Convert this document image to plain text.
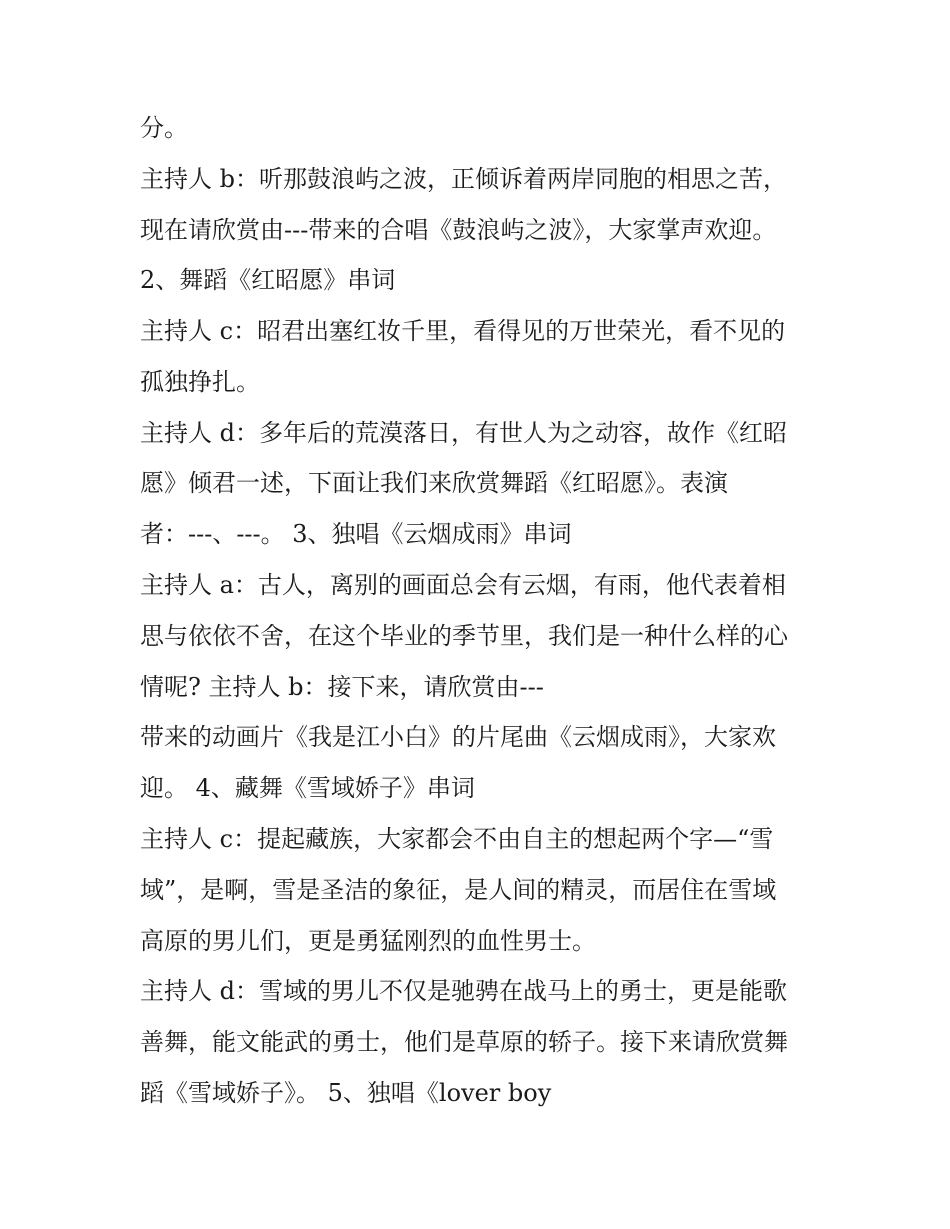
分。

主持人 b：听那鼓浪屿之波，正倾诉着两岸同胞的相思之苦，

现在请欣赏由---带来的合唱《鼓浪屿之波》，大家掌声欢迎。

2、舞蹈《红昭愿》串词

主持人 c：昭君出塞红妆千里，看得见的万世荣光，看不见的

孤独挣扎。

主持人 d：多年后的荒漠落日，有世人为之动容，故作《红昭

愿》倾君一述，下面让我们来欣赏舞蹈《红昭愿》。表演

者：---、---。 3、独唱《云烟成雨》串词

主持人 a：古人，离别的画面总会有云烟，有雨，他代表着相

思与依依不舍，在这个毕业的季节里，我们是一种什么样的心

情呢? 主持人 b：接下来，请欣赏由---

带来的动画片《我是江小白》的片尾曲《云烟成雨》，大家欢

迎。 4、藏舞《雪域娇子》串词

主持人 c：提起藏族，大家都会不由自主的想起两个字—“雪

域”，是啊，雪是圣洁的象征，是人间的精灵，而居住在雪域

高原的男儿们，更是勇猛刚烈的血性男士。

主持人 d：雪域的男儿不仅是驰骋在战马上的勇士，更是能歌

善舞，能文能武的勇士，他们是草原的轿子。接下来请欣赏舞

蹈《雪域娇子》。 5、独唱《lover boy
